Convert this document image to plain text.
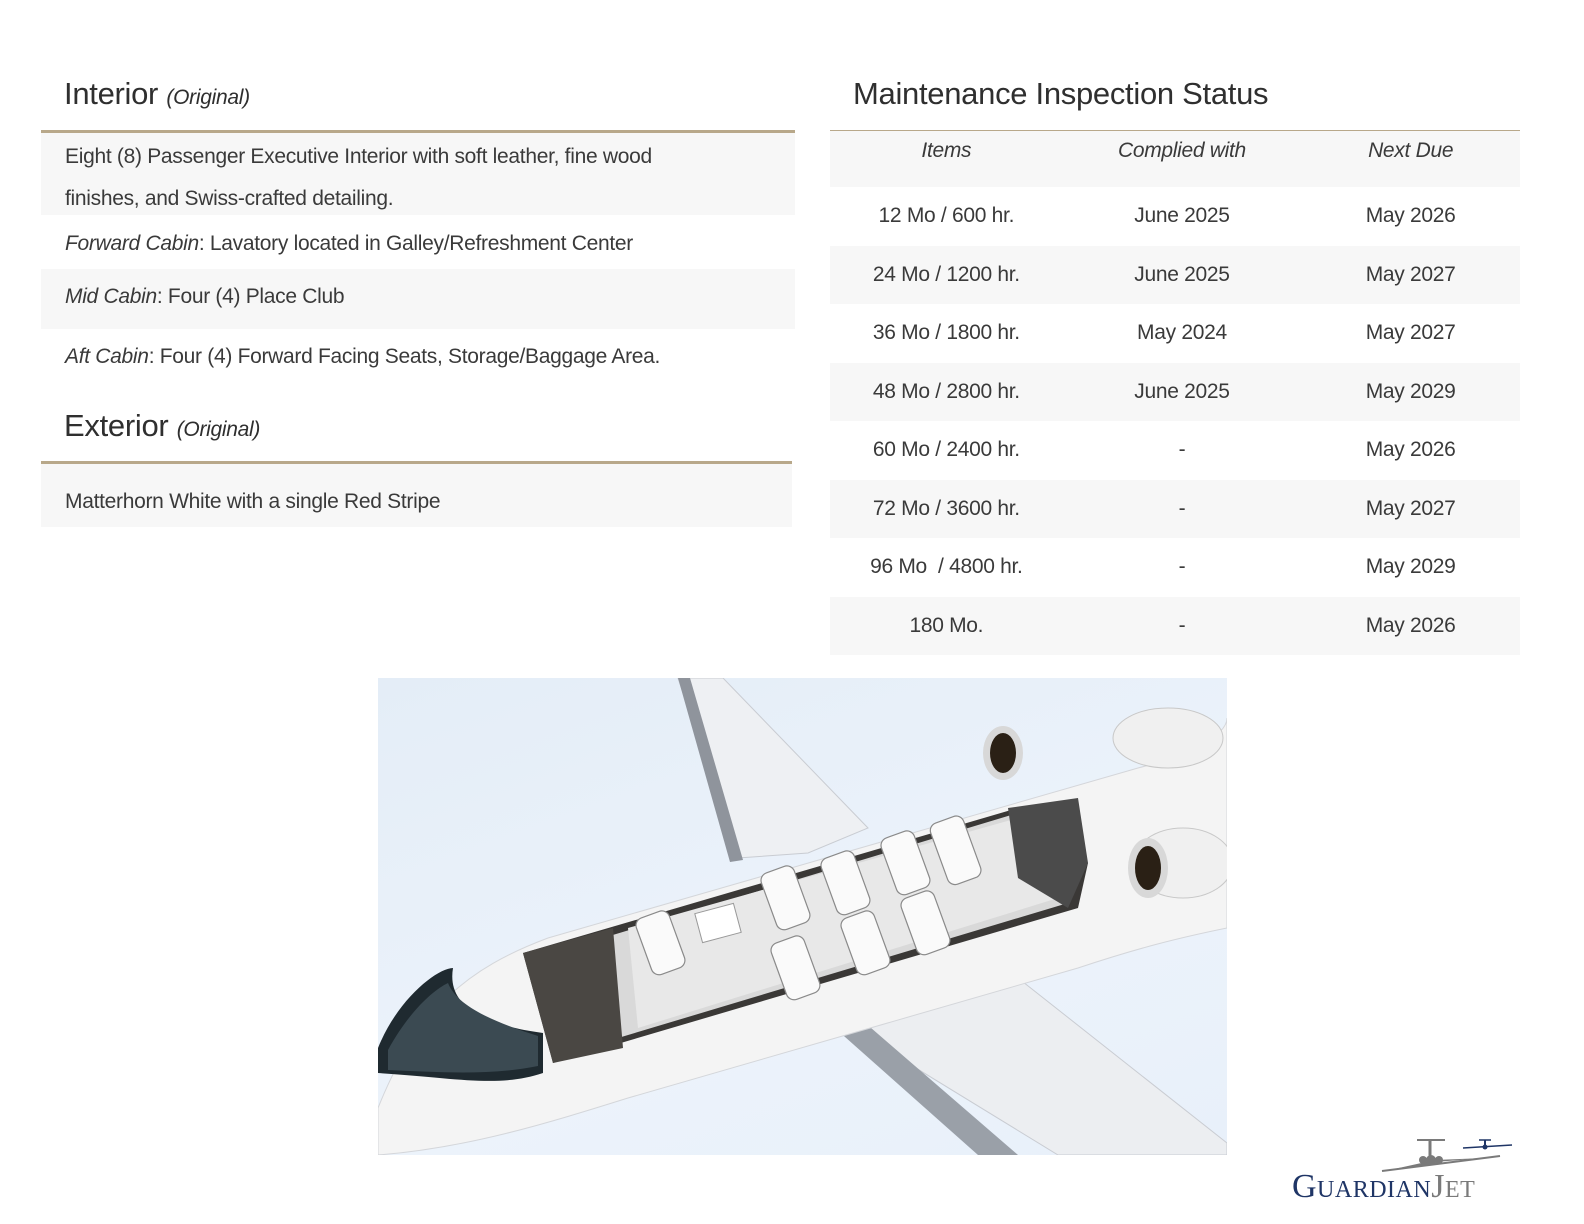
Interior (Original)
Eight (8) Passenger Executive Interior with soft leather, fine wood
finishes, and Swiss-crafted detailing.
Forward Cabin: Lavatory located in Galley/Refreshment Center
Mid Cabin: Four (4) Place Club
Aft Cabin: Four (4) Forward Facing Seats, Storage/Baggage Area.
Exterior (Original)
Matterhorn White with a single Red Stripe
Maintenance Inspection Status
Items	Complied with	Next Due
12 Mo / 600 hr.	June 2025	May 2026
24 Mo / 1200 hr.	June 2025	May 2027
36 Mo / 1800 hr.	May 2024	May 2027
48 Mo / 2800 hr.	June 2025	May 2029
60 Mo / 2400 hr.	-	May 2026
72 Mo / 3600 hr.	-	May 2027
96 Mo  / 4800 hr.	-	May 2029
180 Mo.	-	May 2026
GuardianJet
